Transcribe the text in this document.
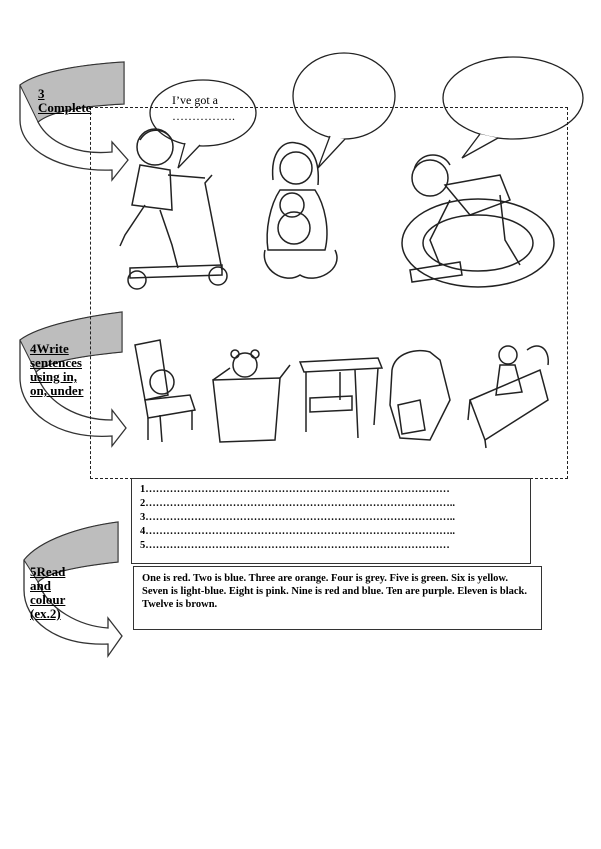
3
Complete	I’ve got a
…………….
4Write
sentences
using in,
on, under
1……………………………………………………………………………
2……………………………………………………………………………..
3……………………………………………………………………………..
4……………………………………………………………………………..
5……………………………………………………………………………
5Read
and
colour
(ex.2)
One is red. Two is blue. Three are orange. Four is grey. Five is green. Six is yellow. Seven is light-blue. Eight is pink. Nine is red and blue. Ten are purple. Eleven is black. Twelve is brown.
